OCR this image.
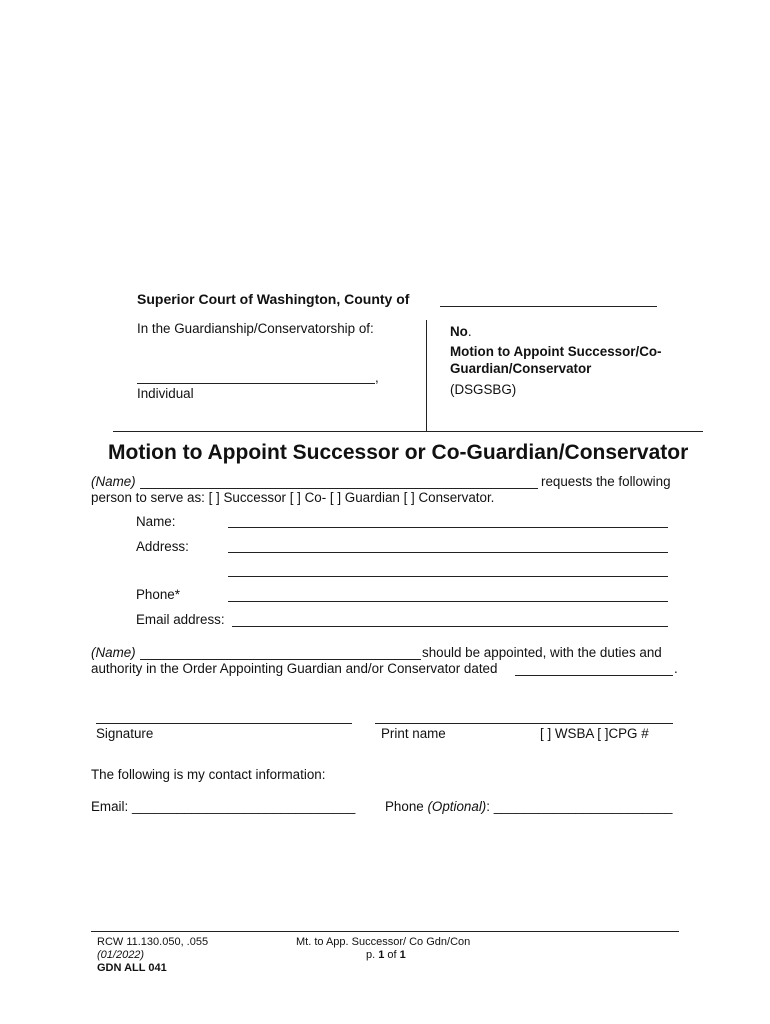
Superior Court of Washington, County of
In the Guardianship/Conservatorship of:
,
Individual
No.
Motion to Appoint Successor/Co-
Guardian/Conservator
(DSGSBG)
Motion to Appoint Successor or Co-Guardian/Conservator
(Name)	requests the following
person to serve as: [ ] Successor [ ] Co- [ ] Guardian [ ] Conservator.
Name:
Address:
Phone*
Email address:
(Name)	should be appointed, with the duties and
authority in the Order Appointing Guardian and/or Conservator dated	.
Signature	Print name	[ ] WSBA [ ]CPG #
The following is my contact information:
Email: ______________________________ Phone (Optional): ________________________
RCW 11.130.050, .055
(01/2022)
GDN ALL 041
Mt. to App. Successor/ Co Gdn/Con
p. 1 of 1
